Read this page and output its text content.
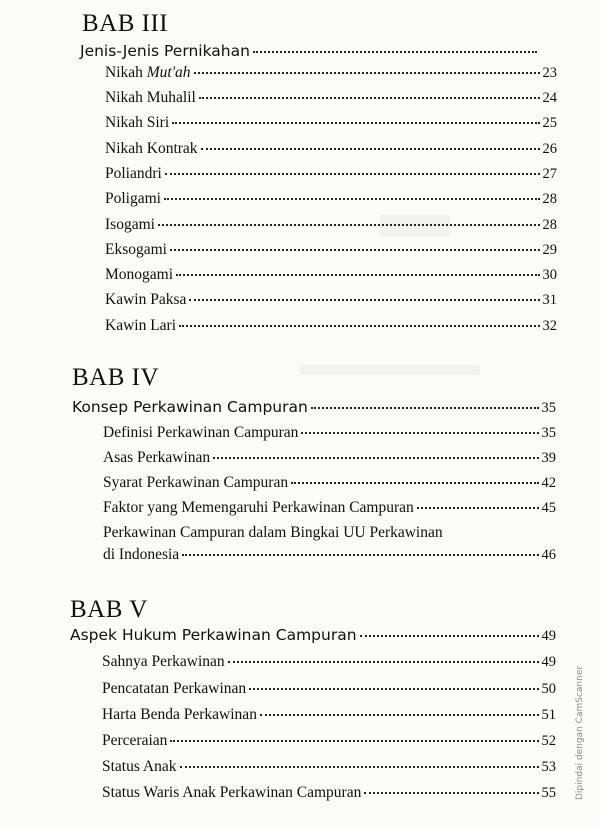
BAB III
Jenis-Jenis Pernikahan
Nikah Mut'ah	23
Nikah Muhalil	24
Nikah Siri	25
Nikah Kontrak	26
Poliandri	27
Poligami	28
Isogami	28
Eksogami	29
Monogami	30
Kawin Paksa	31
Kawin Lari	32
BAB IV
Konsep Perkawinan Campuran	35
Definisi Perkawinan Campuran	35
Asas Perkawinan	39
Syarat Perkawinan Campuran	42
Faktor yang Memengaruhi Perkawinan Campuran	45
Perkawinan Campuran dalam Bingkai UU Perkawinan
di Indonesia	46
BAB V
Aspek Hukum Perkawinan Campuran	49
Sahnya Perkawinan	49
Pencatatan Perkawinan	50
Harta Benda Perkawinan	51
Perceraian	52
Status Anak	53
Status Waris Anak Perkawinan Campuran	55 Dipindai dengan CamScanner
